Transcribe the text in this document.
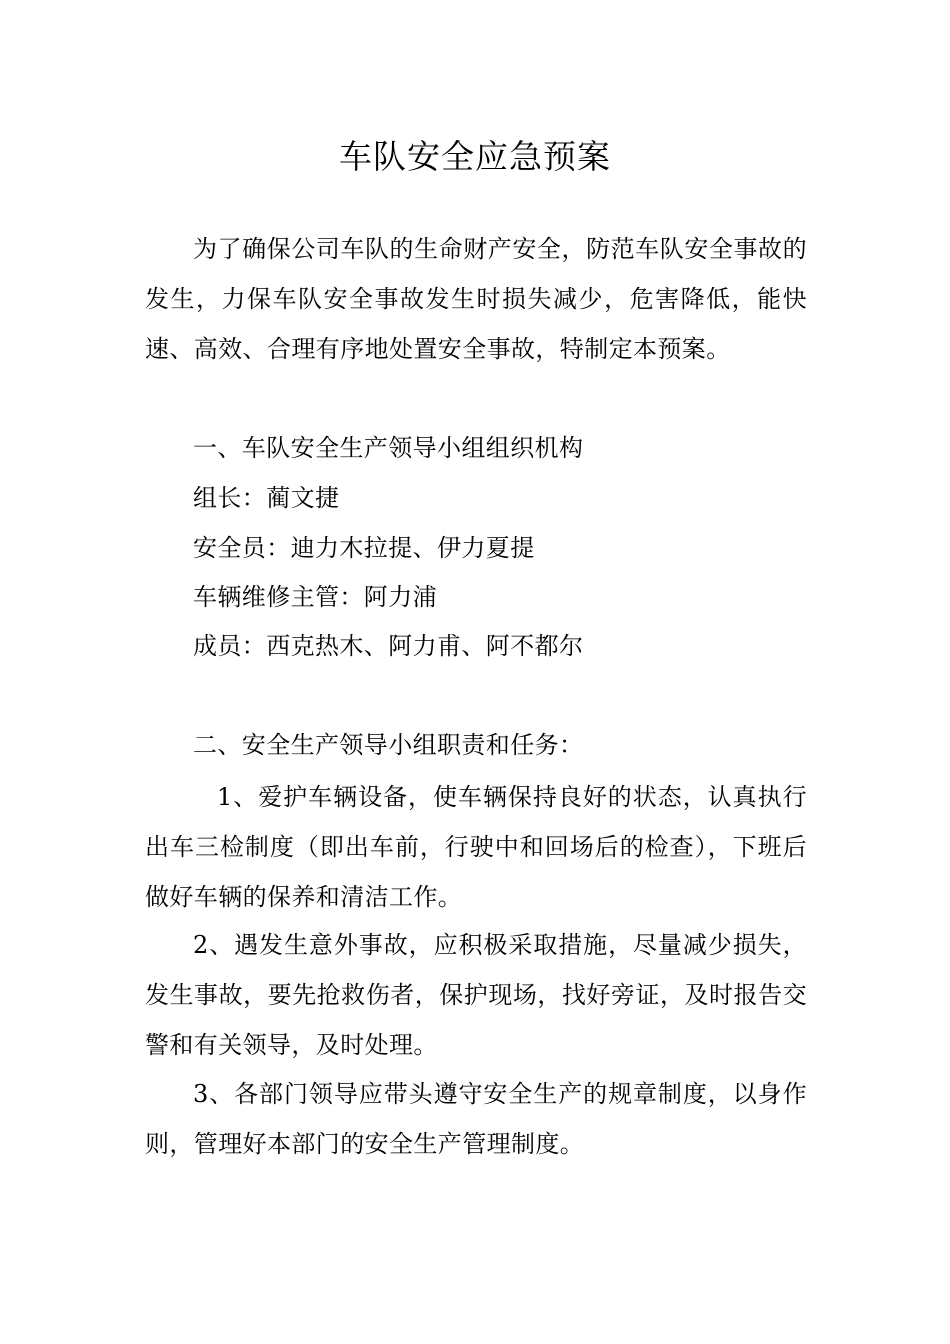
车队安全应急预案

为了确保公司车队的生命财产安全，防范车队安全事故的发生，力保车队安全事故发生时损失减少，危害降低，能快速、高效、合理有序地处置安全事故，特制定本预案。

一、车队安全生产领导小组组织机构

组长：蔺文捷

安全员：迪力木拉提、伊力夏提

车辆维修主管：阿力浦

成员：西克热木、阿力甫、阿不都尔

二、安全生产领导小组职责和任务：

1、爱护车辆设备，使车辆保持良好的状态，认真执行出车三检制度（即出车前，行驶中和回场后的检查），下班后做好车辆的保养和清洁工作。

2、遇发生意外事故，应积极采取措施，尽量减少损失，发生事故，要先抢救伤者，保护现场，找好旁证，及时报告交警和有关领导，及时处理。

3、各部门领导应带头遵守安全生产的规章制度，以身作则，管理好本部门的安全生产管理制度。
